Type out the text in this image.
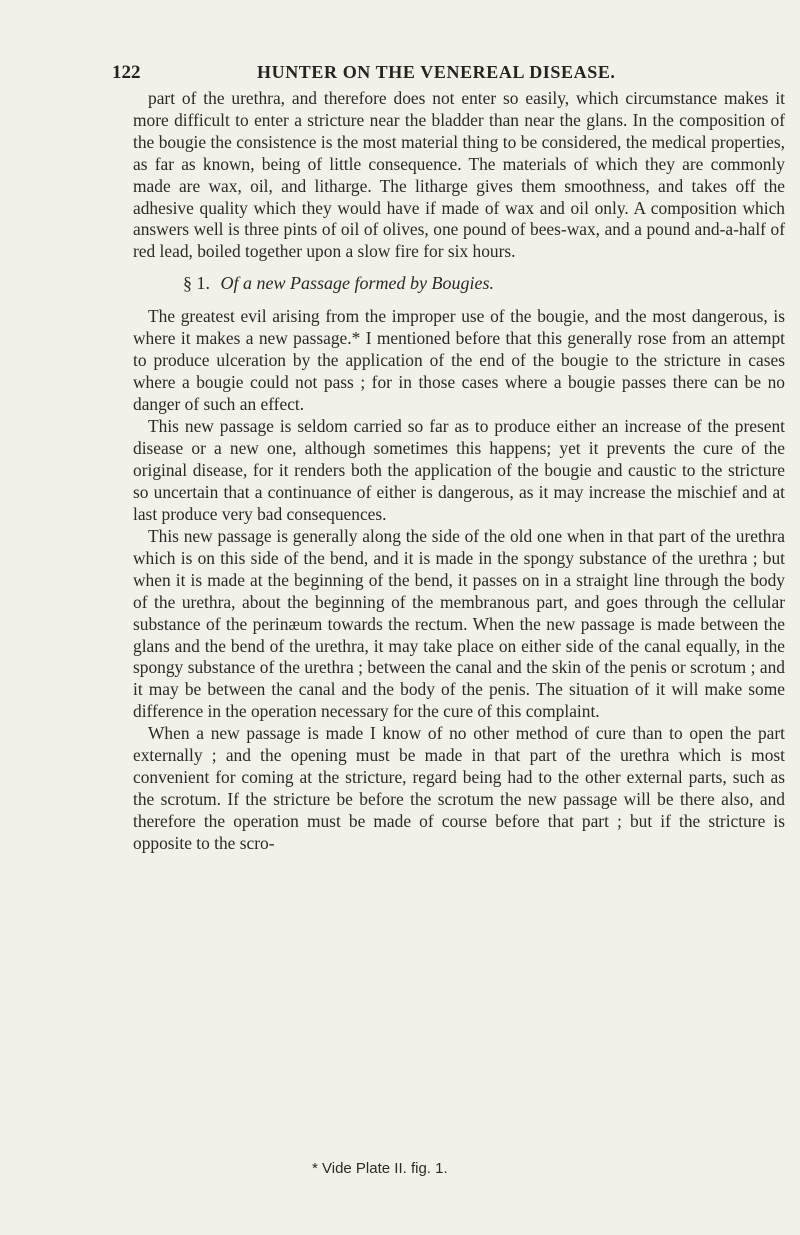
122	HUNTER ON THE VENEREAL DISEASE.

part of the urethra, and therefore does not enter so easily, which circumstance makes it more difficult to enter a stricture near the bladder than near the glans. In the composition of the bougie the consistence is the most material thing to be considered, the medical properties, as far as known, being of little consequence. The materials of which they are commonly made are wax, oil, and litharge. The litharge gives them smoothness, and takes off the adhesive quality which they would have if made of wax and oil only. A composition which answers well is three pints of oil of olives, one pound of bees-wax, and a pound and-a-half of red lead, boiled together upon a slow fire for six hours.

§ 1. Of a new Passage formed by Bougies.

The greatest evil arising from the improper use of the bougie, and the most dangerous, is where it makes a new passage.* I mentioned before that this generally rose from an attempt to produce ulceration by the application of the end of the bougie to the stricture in cases where a bougie could not pass ; for in those cases where a bougie passes there can be no danger of such an effect.

This new passage is seldom carried so far as to produce either an increase of the present disease or a new one, although sometimes this happens; yet it prevents the cure of the original disease, for it renders both the application of the bougie and caustic to the stricture so uncertain that a continuance of either is dangerous, as it may increase the mischief and at last produce very bad consequences.

This new passage is generally along the side of the old one when in that part of the urethra which is on this side of the bend, and it is made in the spongy substance of the urethra ; but when it is made at the beginning of the bend, it passes on in a straight line through the body of the urethra, about the beginning of the membranous part, and goes through the cellular substance of the perinæum towards the rectum. When the new passage is made between the glans and the bend of the urethra, it may take place on either side of the canal equally, in the spongy substance of the urethra ; between the canal and the skin of the penis or scrotum ; and it may be between the canal and the body of the penis. The situation of it will make some difference in the operation necessary for the cure of this complaint.

When a new passage is made I know of no other method of cure than to open the part externally ; and the opening must be made in that part of the urethra which is most convenient for coming at the stricture, regard being had to the other external parts, such as the scrotum. If the stricture be before the scrotum the new passage will be there also, and therefore the operation must be made of course before that part ; but if the stricture is opposite to the scro-

* Vide Plate II. fig. 1.
